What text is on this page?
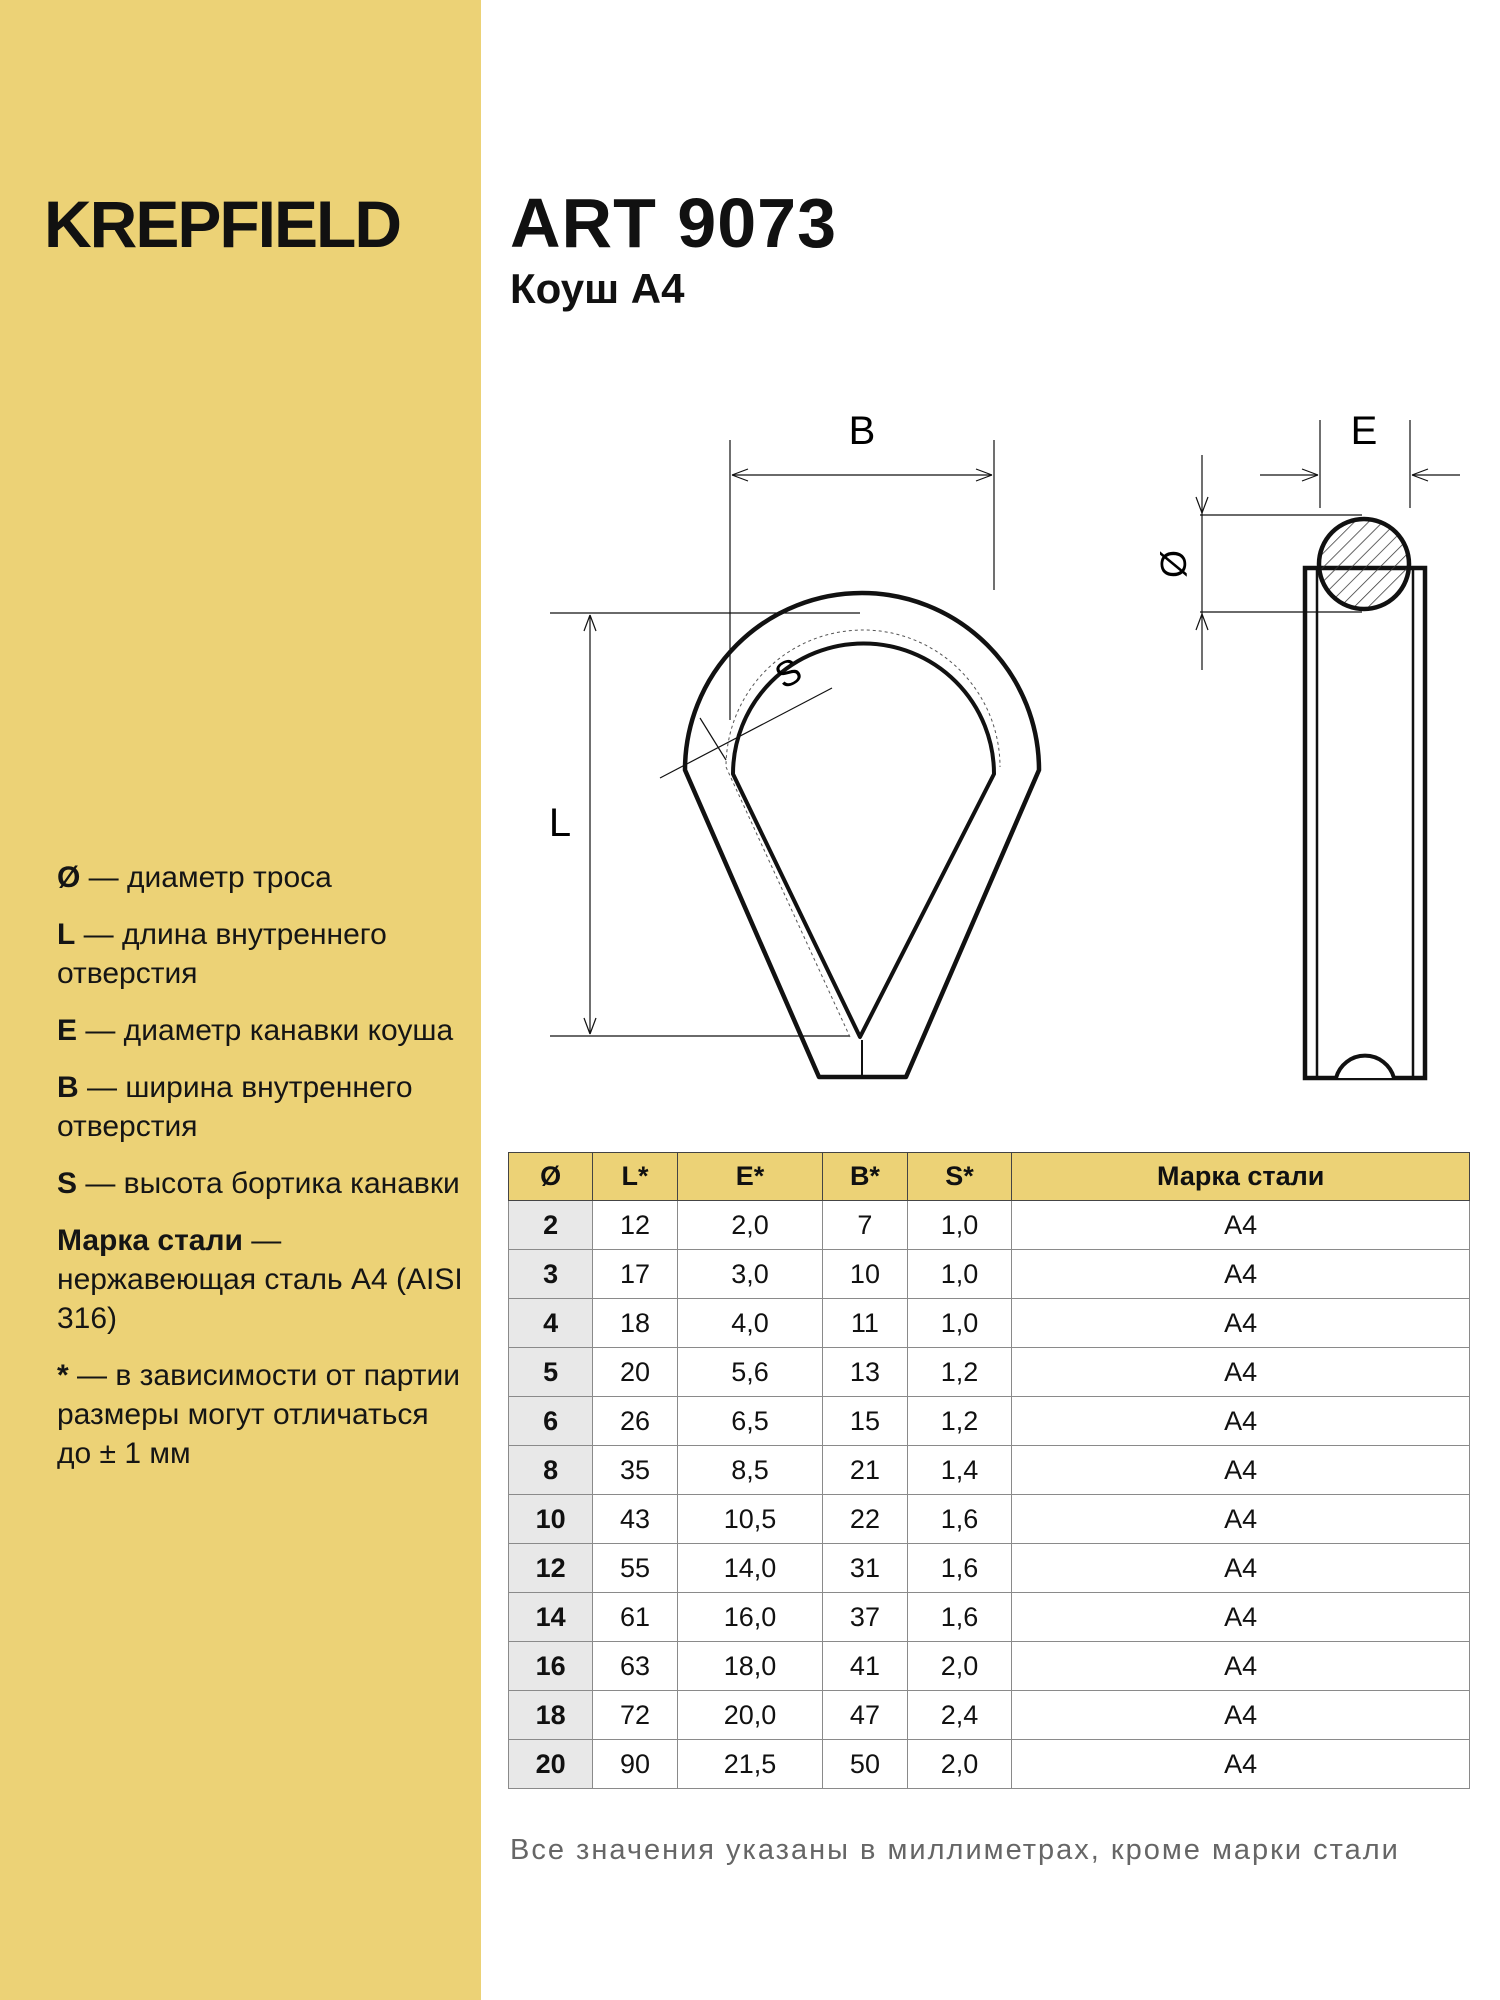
KREPFIELD

Ø — диаметр троса

L — длина внутреннего отверстия

E — диаметр канавки коуша

B — ширина внутреннего отверстия

S — высота бортика канавки

Марка стали — нержавеющая сталь А4 (AISI 316)

* — в зависимости от партии размеры могут отличаться до ± 1 мм

ART 9073
Коуш А4
B	E
L
S
Ø
Ø	L*	E*	B*	S*	Марка стали
2	12	2,0	7	1,0	A4
3	17	3,0	10	1,0	A4
4	18	4,0	11	1,0	A4
5	20	5,6	13	1,2	A4
6	26	6,5	15	1,2	A4
8	35	8,5	21	1,4	A4
10	43	10,5	22	1,6	A4
12	55	14,0	31	1,6	A4
14	61	16,0	37	1,6	A4
16	63	18,0	41	2,0	A4
18	72	20,0	47	2,4	A4
20	90	21,5	50	2,0	A4
Все значения указаны в миллиметрах, кроме марки стали
